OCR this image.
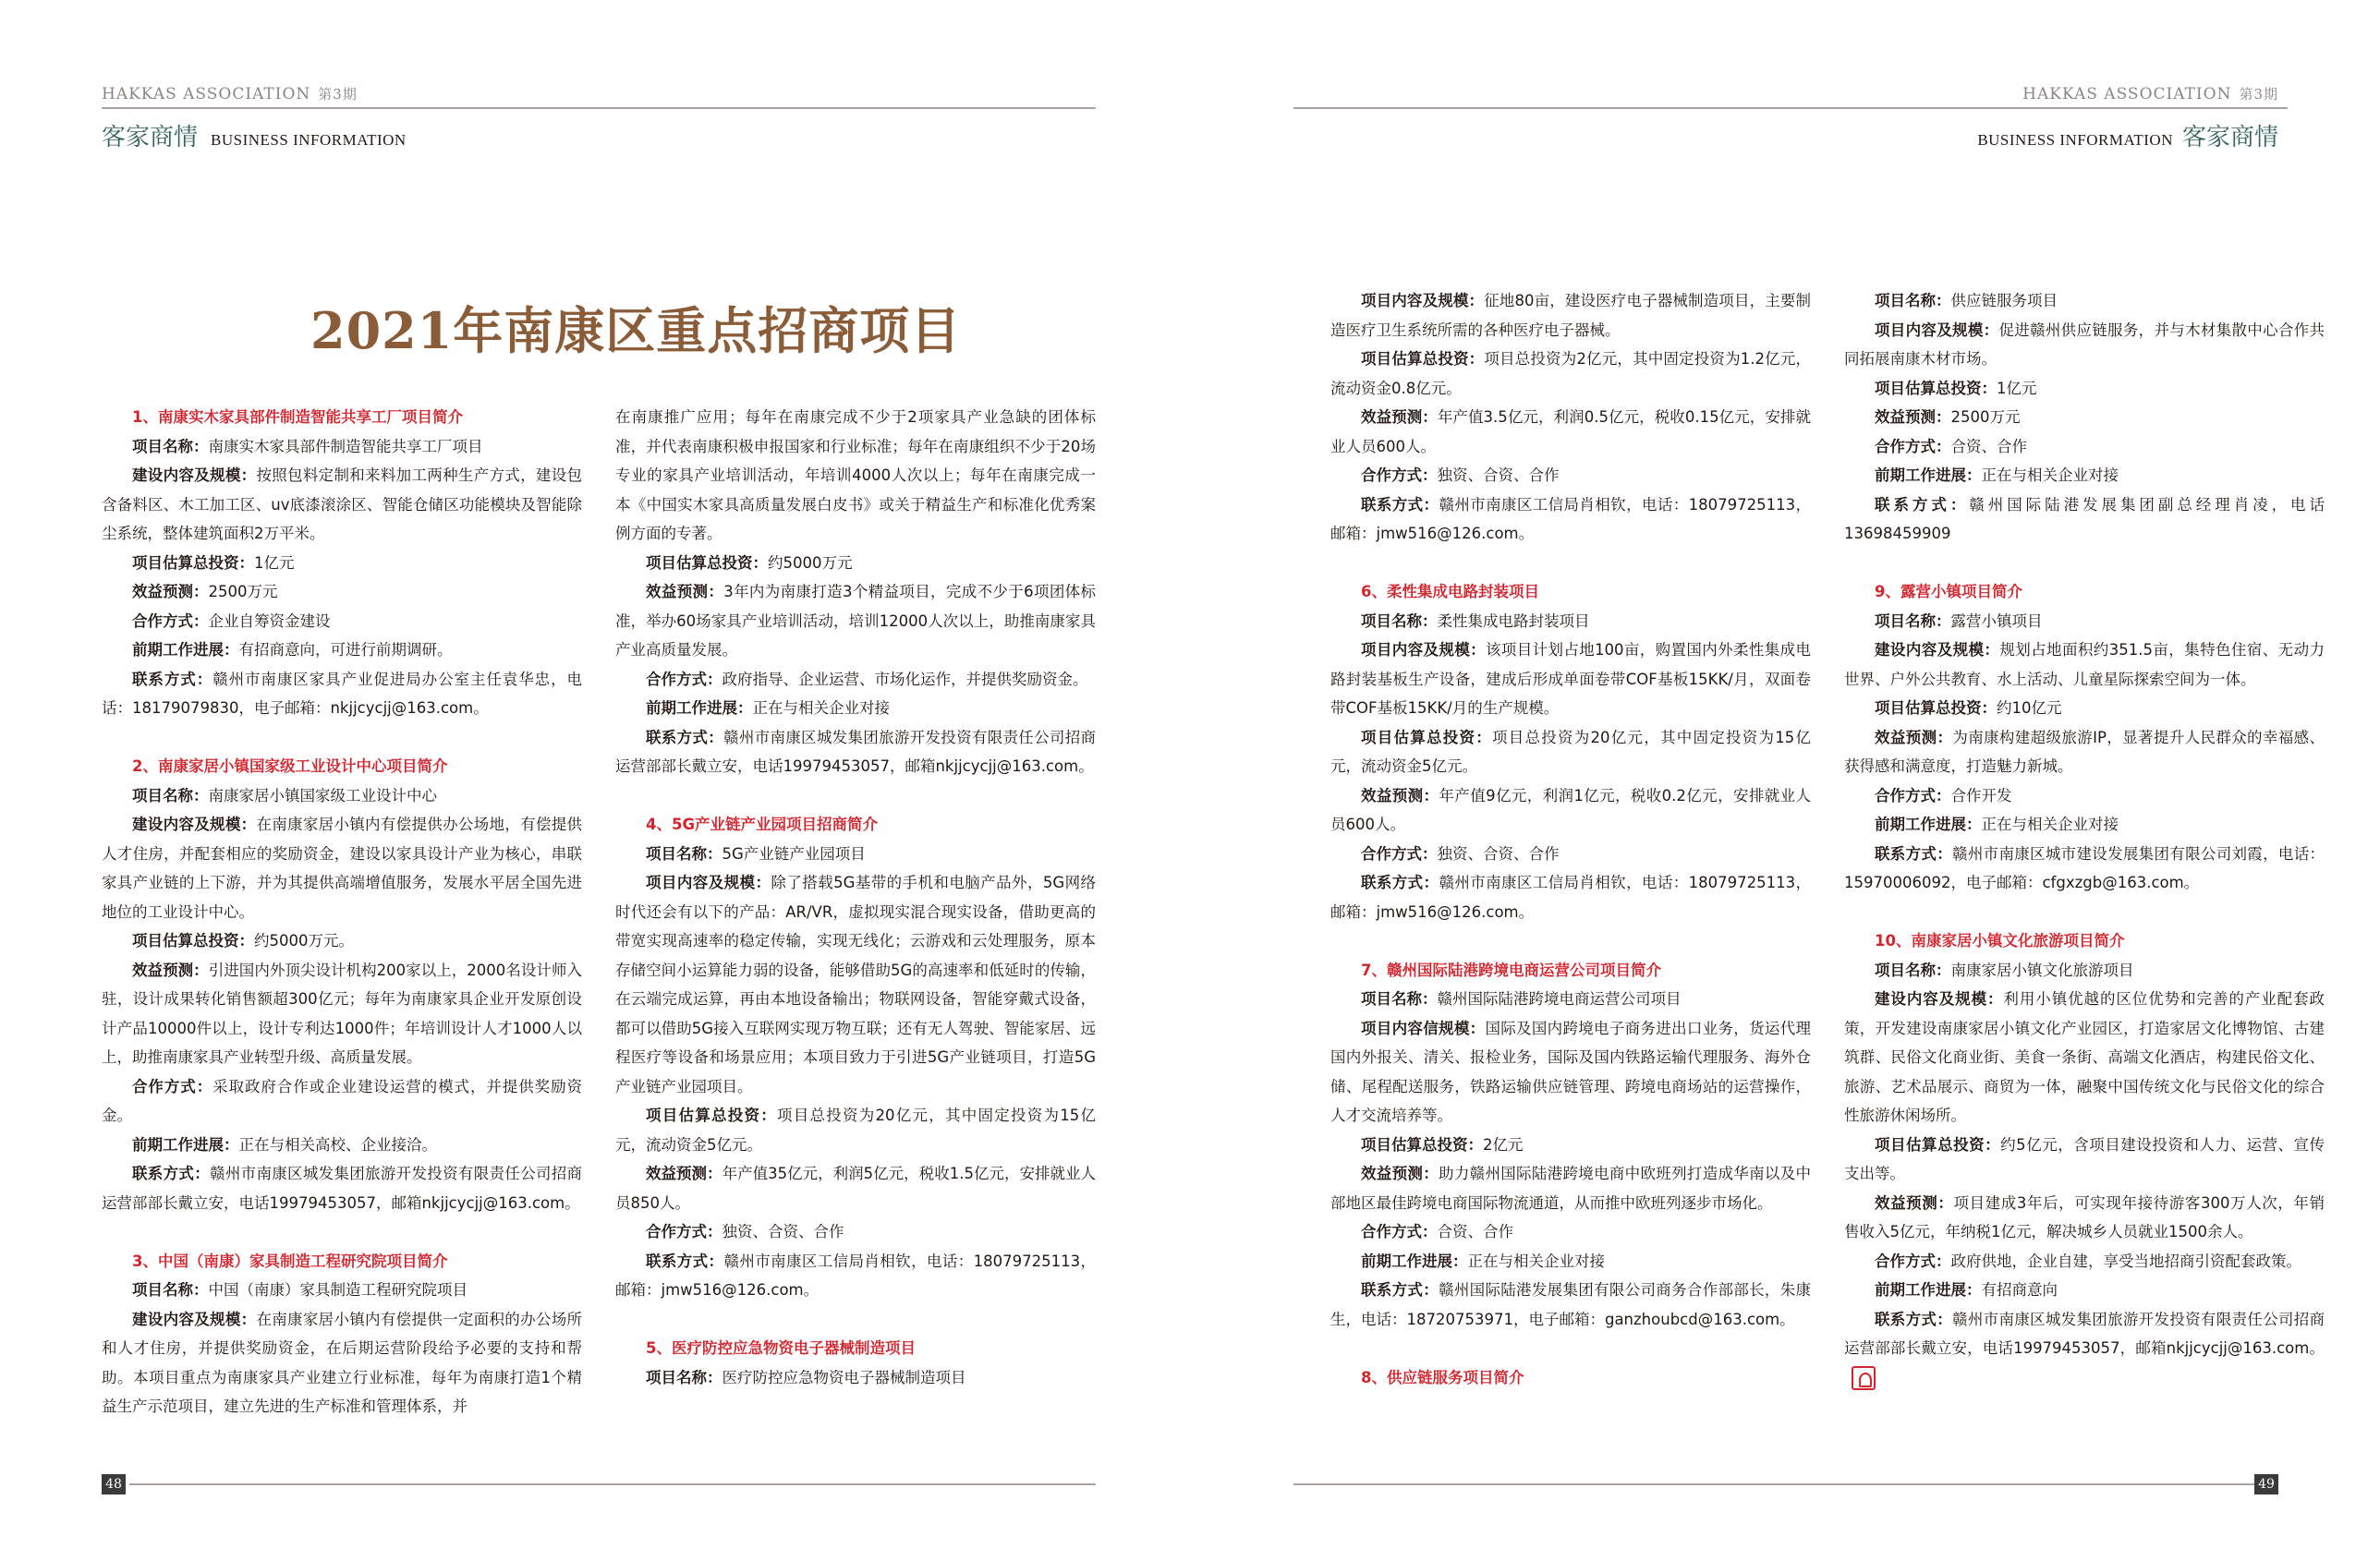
HAKKAS ASSOCIATION 第3期
客家商情 BUSINESS INFORMATION
2021年南康区重点招商项目

1、南康实木家具部件制造智能共享工厂项目简介

项目名称：南康实木家具部件制造智能共享工厂项目

建设内容及规模：按照包料定制和来料加工两种生产方式，建设包含备料区、木工加工区、uv底漆滚涂区、智能仓储区功能模块及智能除尘系统，整体建筑面积2万平米。

项目估算总投资：1亿元

效益预测：2500万元

合作方式：企业自筹资金建设

前期工作进展：有招商意向，可进行前期调研。

联系方式：赣州市南康区家具产业促进局办公室主任袁华忠，电话：18179079830，电子邮箱：nkjjcycjj@163.com。

2、南康家居小镇国家级工业设计中心项目简介

项目名称：南康家居小镇国家级工业设计中心

建设内容及规模：在南康家居小镇内有偿提供办公场地，有偿提供人才住房，并配套相应的奖励资金，建设以家具设计产业为核心，串联家具产业链的上下游，并为其提供高端增值服务，发展水平居全国先进地位的工业设计中心。

项目估算总投资：约5000万元。

效益预测：引进国内外顶尖设计机构200家以上，2000名设计师入驻，设计成果转化销售额超300亿元；每年为南康家具企业开发原创设计产品10000件以上，设计专利达1000件；年培训设计人才1000人以上，助推南康家具产业转型升级、高质量发展。

合作方式：采取政府合作或企业建设运营的模式，并提供奖励资金。

前期工作进展：正在与相关高校、企业接洽。

联系方式：赣州市南康区城发集团旅游开发投资有限责任公司招商运营部部长戴立安，电话19979453057，邮箱nkjjcycjj@163.com。

3、中国（南康）家具制造工程研究院项目简介

项目名称：中国（南康）家具制造工程研究院项目

建设内容及规模：在南康家居小镇内有偿提供一定面积的办公场所和人才住房，并提供奖励资金，在后期运营阶段给予必要的支持和帮助。本项目重点为南康家具产业建立行业标准，每年为南康打造1个精益生产示范项目，建立先进的生产标准和管理体系，并

在南康推广应用；每年在南康完成不少于2项家具产业急缺的团体标准，并代表南康积极申报国家和行业标准；每年在南康组织不少于20场专业的家具产业培训活动，年培训4000人次以上；每年在南康完成一本《中国实木家具高质量发展白皮书》或关于精益生产和标准化优秀案例方面的专著。

项目估算总投资：约5000万元

效益预测：3年内为南康打造3个精益项目，完成不少于6项团体标准，举办60场家具产业培训活动，培训12000人次以上，助推南康家具产业高质量发展。

合作方式：政府指导、企业运营、市场化运作，并提供奖励资金。

前期工作进展：正在与相关企业对接

联系方式：赣州市南康区城发集团旅游开发投资有限责任公司招商运营部部长戴立安，电话19979453057，邮箱nkjjcycjj@163.com。

4、5G产业链产业园项目招商简介

项目名称：5G产业链产业园项目

项目内容及规模：除了搭载5G基带的手机和电脑产品外，5G网络时代还会有以下的产品：AR/VR，虚拟现实混合现实设备，借助更高的带宽实现高速率的稳定传输，实现无线化；云游戏和云处理服务，原本存储空间小运算能力弱的设备，能够借助5G的高速率和低延时的传输，在云端完成运算，再由本地设备输出；物联网设备，智能穿戴式设备，都可以借助5G接入互联网实现万物互联；还有无人驾驶、智能家居、远程医疗等设备和场景应用；本项目致力于引进5G产业链项目，打造5G产业链产业园项目。

项目估算总投资：项目总投资为20亿元，其中固定投资为15亿元，流动资金5亿元。

效益预测：年产值35亿元，利润5亿元，税收1.5亿元，安排就业人员850人。

合作方式：独资、合资、合作

联系方式：赣州市南康区工信局肖相钦，电话：18079725113，邮箱：jmw516@126.com。

5、医疗防控应急物资电子器械制造项目

项目名称：医疗防控应急物资电子器械制造项目

48
HAKKAS ASSOCIATION 第3期
BUSINESS INFORMATION 客家商情

项目内容及规模：征地80亩，建设医疗电子器械制造项目，主要制造医疗卫生系统所需的各种医疗电子器械。

项目估算总投资：项目总投资为2亿元，其中固定投资为1.2亿元，流动资金0.8亿元。

效益预测：年产值3.5亿元，利润0.5亿元，税收0.15亿元，安排就业人员600人。

合作方式：独资、合资、合作

联系方式：赣州市南康区工信局肖相钦，电话：18079725113，邮箱：jmw516@126.com。

6、柔性集成电路封装项目

项目名称：柔性集成电路封装项目

项目内容及规模：该项目计划占地100亩，购置国内外柔性集成电路封装基板生产设备，建成后形成单面卷带COF基板15KK/月，双面卷带COF基板15KK/月的生产规模。

项目估算总投资：项目总投资为20亿元，其中固定投资为15亿元，流动资金5亿元。

效益预测：年产值9亿元，利润1亿元，税收0.2亿元，安排就业人员600人。

合作方式：独资、合资、合作

联系方式：赣州市南康区工信局肖相钦，电话：18079725113，邮箱：jmw516@126.com。

7、赣州国际陆港跨境电商运营公司项目简介

项目名称：赣州国际陆港跨境电商运营公司项目

项目内容信规模：国际及国内跨境电子商务进出口业务，货运代理国内外报关、清关、报检业务，国际及国内铁路运输代理服务、海外仓储、尾程配送服务，铁路运输供应链管理、跨境电商场站的运营操作，人才交流培养等。

项目估算总投资：2亿元

效益预测：助力赣州国际陆港跨境电商中欧班列打造成华南以及中部地区最佳跨境电商国际物流通道，从而推中欧班列逐步市场化。

合作方式：合资、合作

前期工作进展：正在与相关企业对接

联系方式：赣州国际陆港发展集团有限公司商务合作部部长，朱康生，电话：18720753971，电子邮箱：ganzhoubcd@163.com。

8、供应链服务项目简介

项目名称：供应链服务项目

项目内容及规模：促进赣州供应链服务，并与木材集散中心合作共同拓展南康木材市场。

项目估算总投资：1亿元

效益预测：2500万元

合作方式：合资、合作

前期工作进展：正在与相关企业对接

联系方式：赣州国际陆港发展集团副总经理肖凌，电话13698459909

9、露营小镇项目简介

项目名称：露营小镇项目

建设内容及规模：规划占地面积约351.5亩，集特色住宿、无动力世界、户外公共教育、水上活动、儿童星际探索空间为一体。

项目估算总投资：约10亿元

效益预测：为南康构建超级旅游IP，显著提升人民群众的幸福感、获得感和满意度，打造魅力新城。

合作方式：合作开发

前期工作进展：正在与相关企业对接

联系方式：赣州市南康区城市建设发展集团有限公司刘霞，电话：15970006092，电子邮箱：cfgxzgb@163.com。

10、南康家居小镇文化旅游项目简介

项目名称：南康家居小镇文化旅游项目

建设内容及规模：利用小镇优越的区位优势和完善的产业配套政策，开发建设南康家居小镇文化产业园区，打造家居文化博物馆、古建筑群、民俗文化商业街、美食一条街、高端文化酒店，构建民俗文化、旅游、艺术品展示、商贸为一体，融聚中国传统文化与民俗文化的综合性旅游休闲场所。

项目估算总投资：约5亿元，含项目建设投资和人力、运营、宣传支出等。

效益预测：项目建成3年后，可实现年接待游客300万人次，年销售收入5亿元，年纳税1亿元，解决城乡人员就业1500余人。

合作方式：政府供地，企业自建，享受当地招商引资配套政策。

前期工作进展：有招商意向

联系方式：赣州市南康区城发集团旅游开发投资有限责任公司招商运营部部长戴立安，电话19979453057，邮箱nkjjcycjj@163.com。

49
